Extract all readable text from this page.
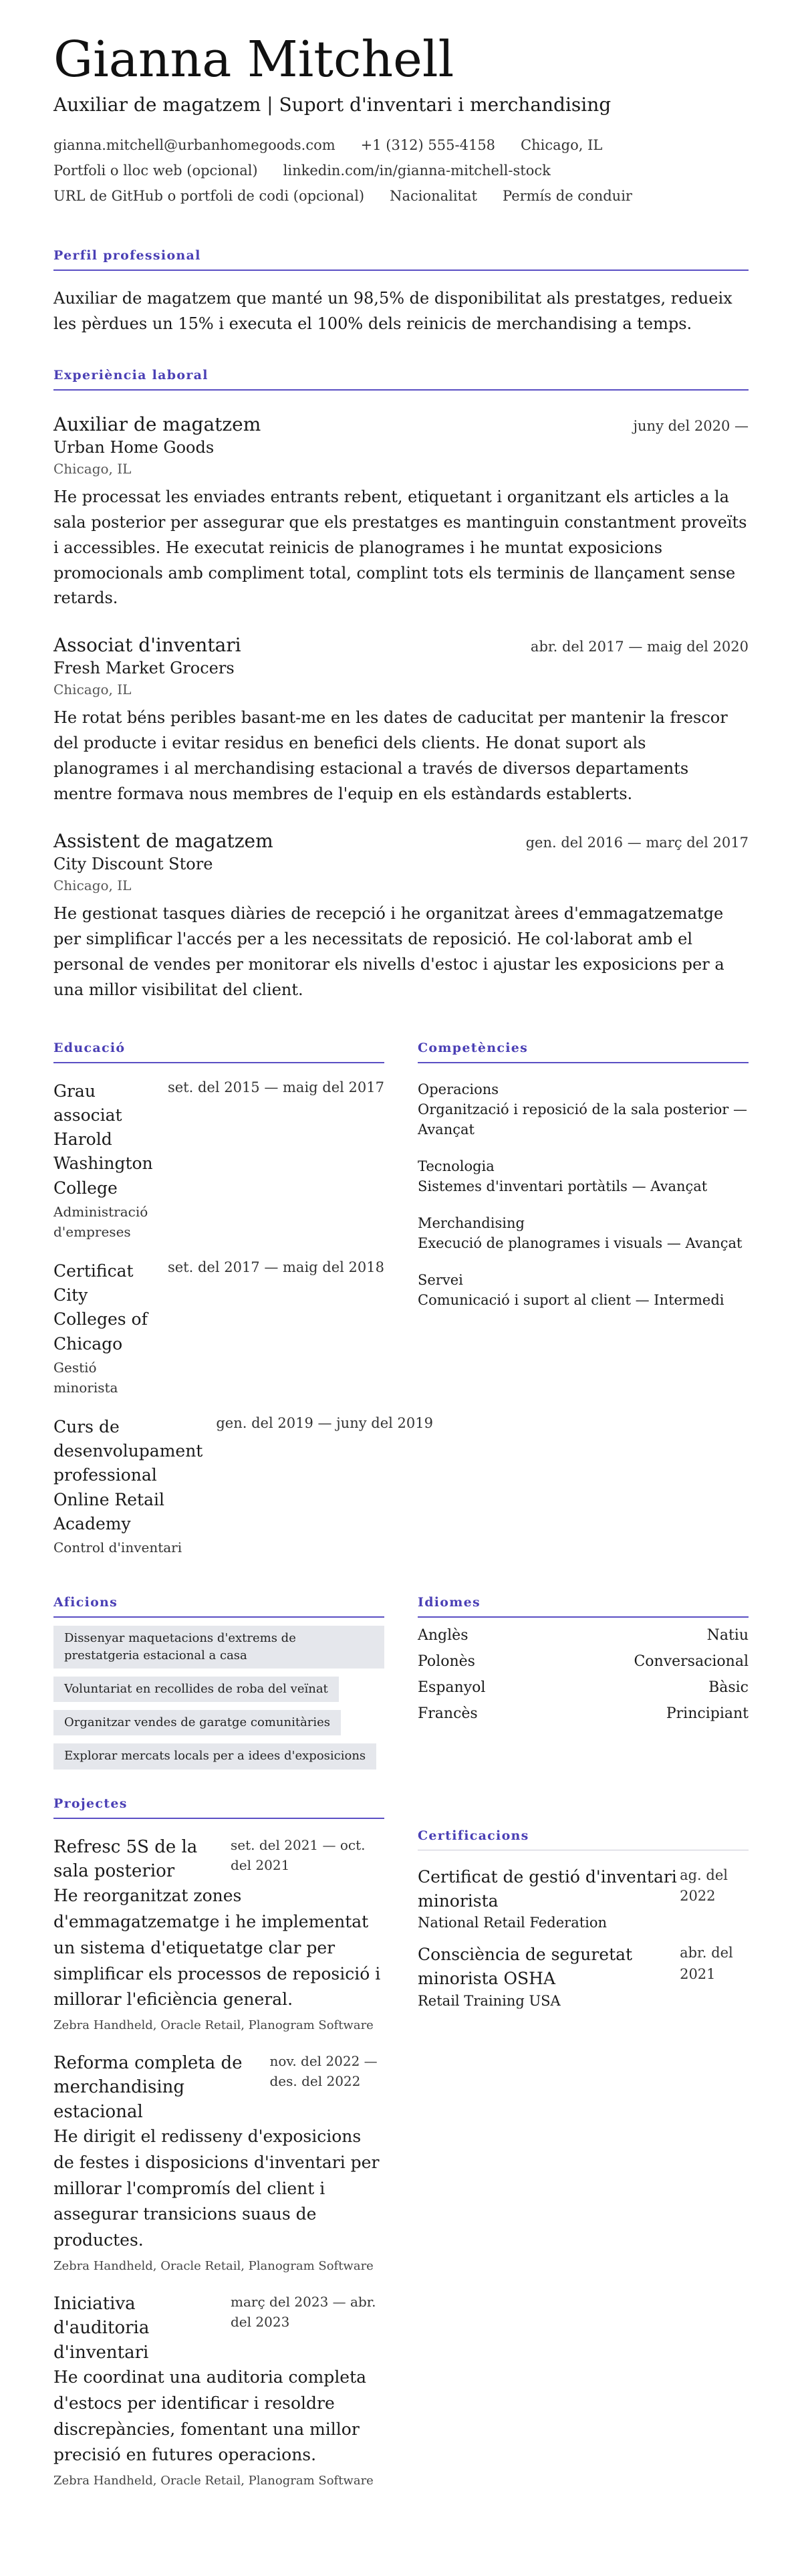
Gianna Mitchell
Auxiliar de magatzem | Suport d'inventari i merchandising
gianna.mitchell@urbanhomegoods.com +1 (312) 555-4158 Chicago, IL
Portfoli o lloc web (opcional) linkedin.com/in/gianna-mitchell-stock
URL de GitHub o portfoli de codi (opcional) Nacionalitat Permís de conduir
Perfil professional
Auxiliar de magatzem que manté un 98,5% de disponibilitat als prestatges, redueix les pèrdues un 15% i executa el 100% dels reinicis de merchandising a temps.
Experiència laboral
Auxiliar de magatzem	juny del 2020 —
Urban Home Goods
Chicago, IL
He processat les enviades entrants rebent, etiquetant i organitzant els articles a la sala posterior per assegurar que els prestatges es mantinguin constantment proveïts i accessibles. He executat reinicis de planogrames i he muntat exposicions promocionals amb compliment total, complint tots els terminis de llançament sense retards.
Associat d'inventari	abr. del 2017 — maig del 2020
Fresh Market Grocers
Chicago, IL
He rotat béns peribles basant-me en les dates de caducitat per mantenir la frescor del producte i evitar residus en benefici dels clients. He donat suport als planogrames i al merchandising estacional a través de diversos departaments mentre formava nous membres de l'equip en els estàndards establerts.
Assistent de magatzem	gen. del 2016 — març del 2017
City Discount Store
Chicago, IL
He gestionat tasques diàries de recepció i he organitzat àrees d'emmagatzematge per simplificar l'accés per a les necessitats de reposició. He col·laborat amb el personal de vendes per monitorar els nivells d'estoc i ajustar les exposicions per a una millor visibilitat del client.
Educació
Grau associat Harold Washington College
Administració d'empreses
set. del 2015 — maig del 2017
Certificat City Colleges of Chicago
Gestió minorista
set. del 2017 — maig del 2018
Curs de desenvolupament professional Online Retail Academy
Control d'inventari
gen. del 2019 — juny del 2019
Competències
Operacions
Organització i reposició de la sala posterior — Avançat
Tecnologia
Sistemes d'inventari portàtils — Avançat
Merchandising
Execució de planogrames i visuals — Avançat
Servei
Comunicació i suport al client — Intermedi
Aficions
Dissenyar maquetacions d'extrems de prestatgeria estacional a casa
Voluntariat en recollides de roba del veïnat
Organitzar vendes de garatge comunitàries
Explorar mercats locals per a idees d'exposicions
Idiomes
Anglès	Natiu
Polonès	Conversacional
Espanyol	Bàsic
Francès	Principiant
Projectes
Refresc 5S de la sala posterior
set. del 2021 — oct. del 2021
He reorganitzat zones d'emmagatzematge i he implementat un sistema d'etiquetatge clar per simplificar els processos de reposició i millorar l'eficiència general.
Zebra Handheld, Oracle Retail, Planogram Software
Reforma completa de merchandising estacional
nov. del 2022 — des. del 2022
He dirigit el redisseny d'exposicions de festes i disposicions d'inventari per millorar l'compromís del client i assegurar transicions suaus de productes.
Zebra Handheld, Oracle Retail, Planogram Software
Iniciativa d'auditoria d'inventari
març del 2023 — abr. del 2023
He coordinat una auditoria completa d'estocs per identificar i resoldre discrepàncies, fomentant una millor precisió en futures operacions.
Zebra Handheld, Oracle Retail, Planogram Software
Certificacions
Certificat de gestió d'inventari minorista
National Retail Federation
ag. del 2022
Consciència de seguretat minorista OSHA
Retail Training USA
abr. del 2021
